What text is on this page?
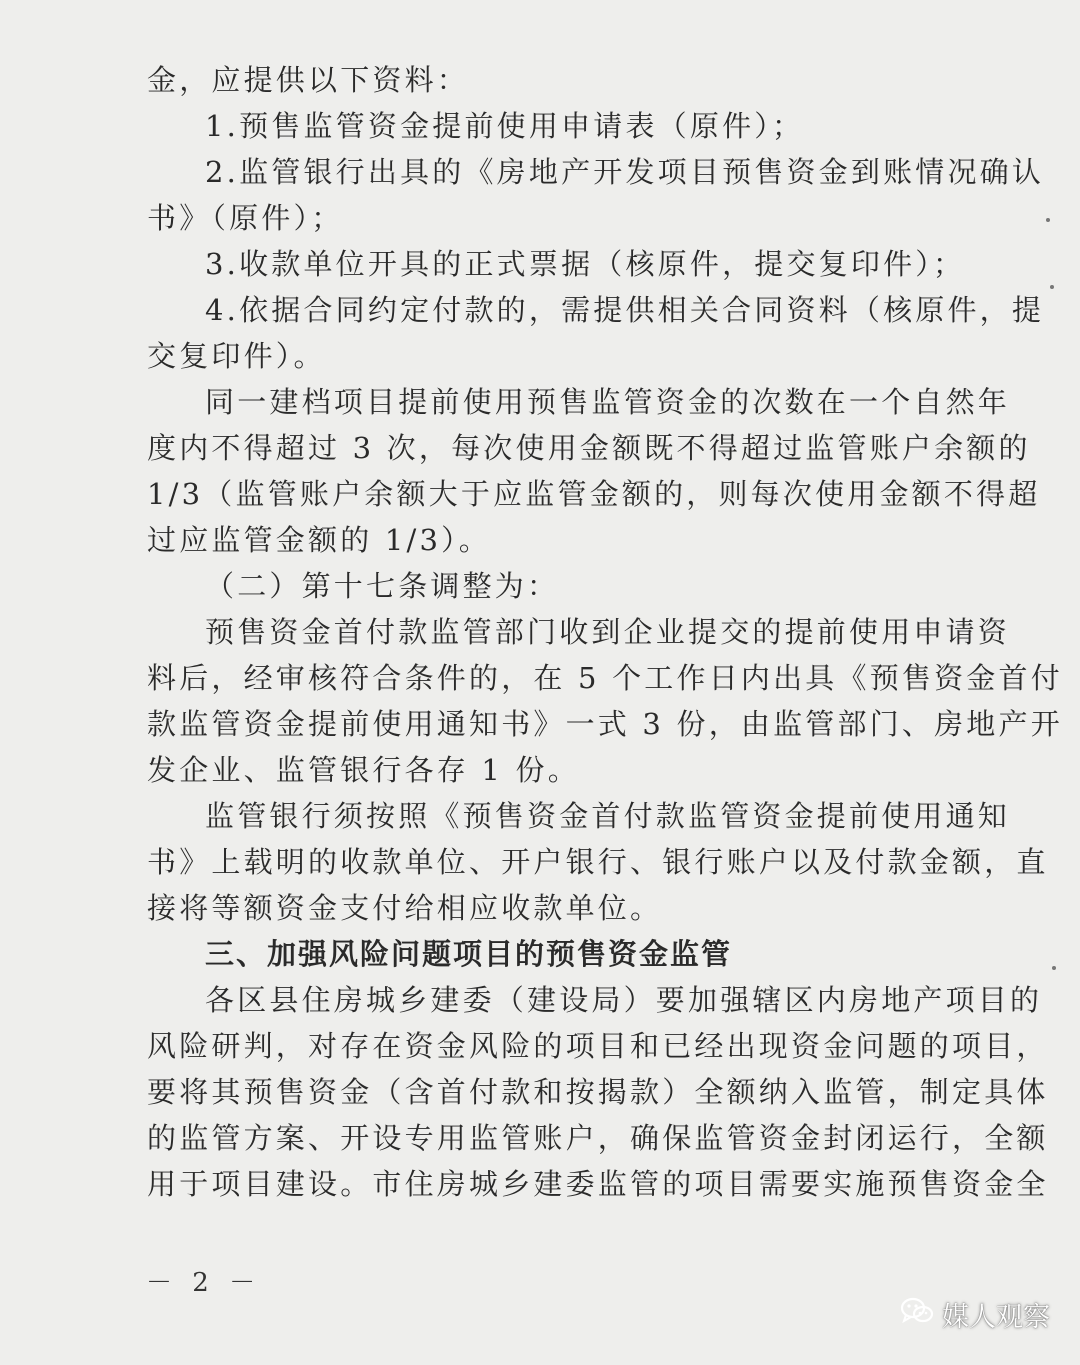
金，应提供以下资料：
1.预售监管资金提前使用申请表（原件）；
2.监管银行出具的《房地产开发项目预售资金到账情况确认
书》（原件）；
3.收款单位开具的正式票据（核原件，提交复印件）；
4.依据合同约定付款的，需提供相关合同资料（核原件，提
交复印件）。
同一建档项目提前使用预售监管资金的次数在一个自然年
度内不得超过 3 次，每次使用金额既不得超过监管账户余额的
1/3（监管账户余额大于应监管金额的，则每次使用金额不得超
过应监管金额的 1/3）。
（二）第十七条调整为：
预售资金首付款监管部门收到企业提交的提前使用申请资
料后，经审核符合条件的，在 5 个工作日内出具《预售资金首付
款监管资金提前使用通知书》一式 3 份，由监管部门、房地产开
发企业、监管银行各存 1 份。
监管银行须按照《预售资金首付款监管资金提前使用通知
书》上载明的收款单位、开户银行、银行账户以及付款金额，直
接将等额资金支付给相应收款单位。
三、加强风险问题项目的预售资金监管
各区县住房城乡建委（建设局）要加强辖区内房地产项目的
风险研判，对存在资金风险的项目和已经出现资金问题的项目，
要将其预售资金（含首付款和按揭款）全额纳入监管，制定具体
的监管方案、开设专用监管账户，确保监管资金封闭运行，全额
用于项目建设。市住房城乡建委监管的项目需要实施预售资金全
－ 2 －
媒人观察
